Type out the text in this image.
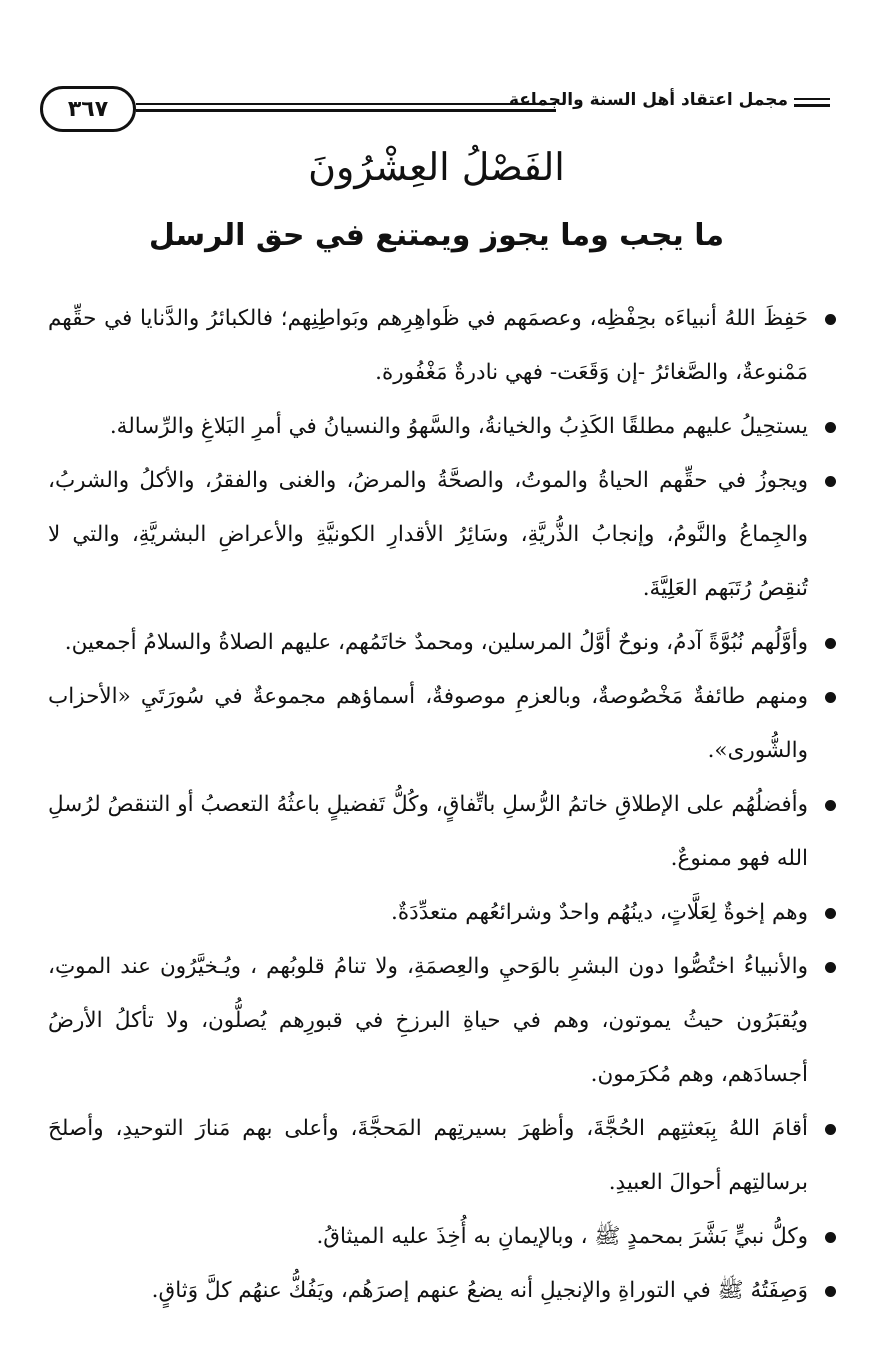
٣٦٧	مجمل اعتقاد أهل السنة والجماعة
الفَصْلُ العِشْرُونَ
ما يجب وما يجوز ويمتنع في حق الرسل

حَفِظَ اللهُ أنبياءَه بحِفْظِه، وعصمَهم في ظَواهِرِهم وبَواطِنِهم؛ فالكبائرُ والدَّنايا في حقِّهم مَمْنوعةٌ، والصَّغائرُ -إن وَقَعَت- فهي نادرةٌ مَغْفُورة.

يستحِيلُ عليهم مطلقًا الكَذِبُ والخيانةُ، والسَّهوُ والنسيانُ في أمرِ البَلاغِ والرِّسالة.

ويجوزُ في حقِّهم الحياةُ والموتُ، والصحَّةُ والمرضُ، والغنى والفقرُ، والأكلُ والشربُ، والجِماعُ والنَّومُ، وإنجابُ الذُّريَّةِ، وسَائِرُ الأقدارِ الكونيَّةِ والأعراضِ البشريَّةِ، والتي لا تُنقِصُ رُتَبَهم العَلِيَّةَ.

وأوَّلُهم نُبُوَّةً آدمُ، ونوحٌ أوَّلُ المرسلين، ومحمدٌ خاتَمُهم، عليهم الصلاةُ والسلامُ أجمعين.

ومنهم طائفةٌ مَخْصُوصةٌ، وبالعزمِ موصوفةٌ، أسماؤهم مجموعةٌ في سُورَتَيِ «الأحزاب والشُّورى».

وأفضلُهُم على الإطلاقِ خاتمُ الرُّسلِ باتِّفاقٍ، وكُلُّ تَفضيلٍ باعثُهُ التعصبُ أو التنقصُ لرُسلِ الله فهو ممنوعٌ.

وهم إخوةٌ لِعَلَّاتٍ، دينُهُم واحدٌ وشرائعُهم متعدِّدَةٌ.

والأنبياءُ اختُصُّوا دون البشرِ بالوَحيِ والعِصمَةِ، ولا تنامُ قلوبُهم ، ويُـخيَّرُون عند الموتِ، ويُقبَرُون حيثُ يموتون، وهم في حياةِ البرزخِ في قبورِهم يُصلُّون، ولا تأكلُ الأرضُ أجسادَهم، وهم مُكرَمون.

أقامَ اللهُ بِبَعثتِهم الحُجَّةَ، وأظهرَ بسيرتِهم المَحجَّةَ، وأعلى بهم مَنارَ التوحيدِ، وأصلحَ برسالتِهم أحوالَ العبيدِ.

وكلُّ نبيٍّ بَشَّرَ بمحمدٍ ﷺ ، وبالإيمانِ به أُخِذَ عليه الميثاقُ.

وَصِفَتُهُ ﷺ في التوراةِ والإنجيلِ أنه يضعُ عنهم إصرَهُم، ويَفُكُّ عنهُم كلَّ وَثاقٍ.
